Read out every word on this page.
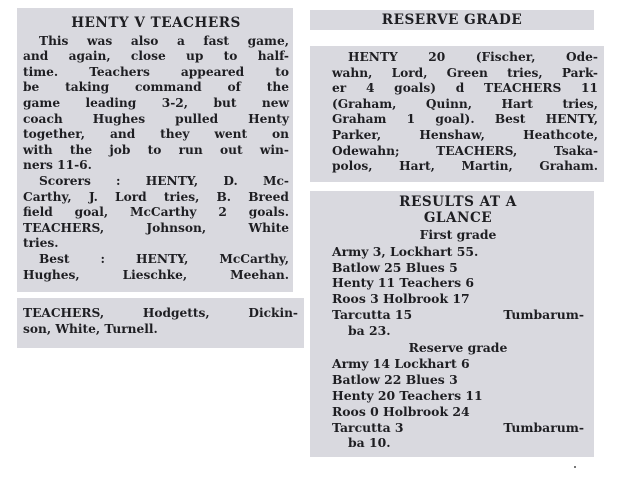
HENTY V TEACHERS

This was also a fast game,

and again, close up to half-

time.	Teachers	appeared	to

be taking command of the

game leading 3-2, but new

coach Hughes pulled Henty

together, and they went on

with the job to run out win-

ners 11-6.

Scorers : HENTY, D. Mc-

Carthy, J. Lord tries, B. Breed

field goal, McCarthy 2 goals.

TEACHERS,	Johnson,	White

tries.

Best	:	HENTY,	McCarthy,

Hughes,	Lieschke,	Meehan.

TEACHERS,	Hodgetts,	Dickin-

son, White, Turnell.

RESERVE GRADE

HENTY	20	(Fischer,	Ode-

wahn, Lord, Green tries, Park-

er 4 goals) d TEACHERS 11

(Graham, Quinn, Hart tries,

Graham 1 goal). Best HENTY,

Parker,	Henshaw,	Heathcote,

Odewahn;	TEACHERS,	Tsaka-

polos, Hart, Martin, Graham.

RESULTS AT A

GLANCE

First grade

Army 3, Lockhart 55.

Batlow 25 Blues 5

Henty 11 Teachers 6

Roos 3 Holbrook 17

Tarcutta 15	Tumbarum-

ba 23.

Reserve grade

Army 14 Lockhart 6

Batlow 22 Blues 3

Henty 20 Teachers 11

Roos 0 Holbrook 24

Tarcutta 3	Tumbarum-

ba 10.
